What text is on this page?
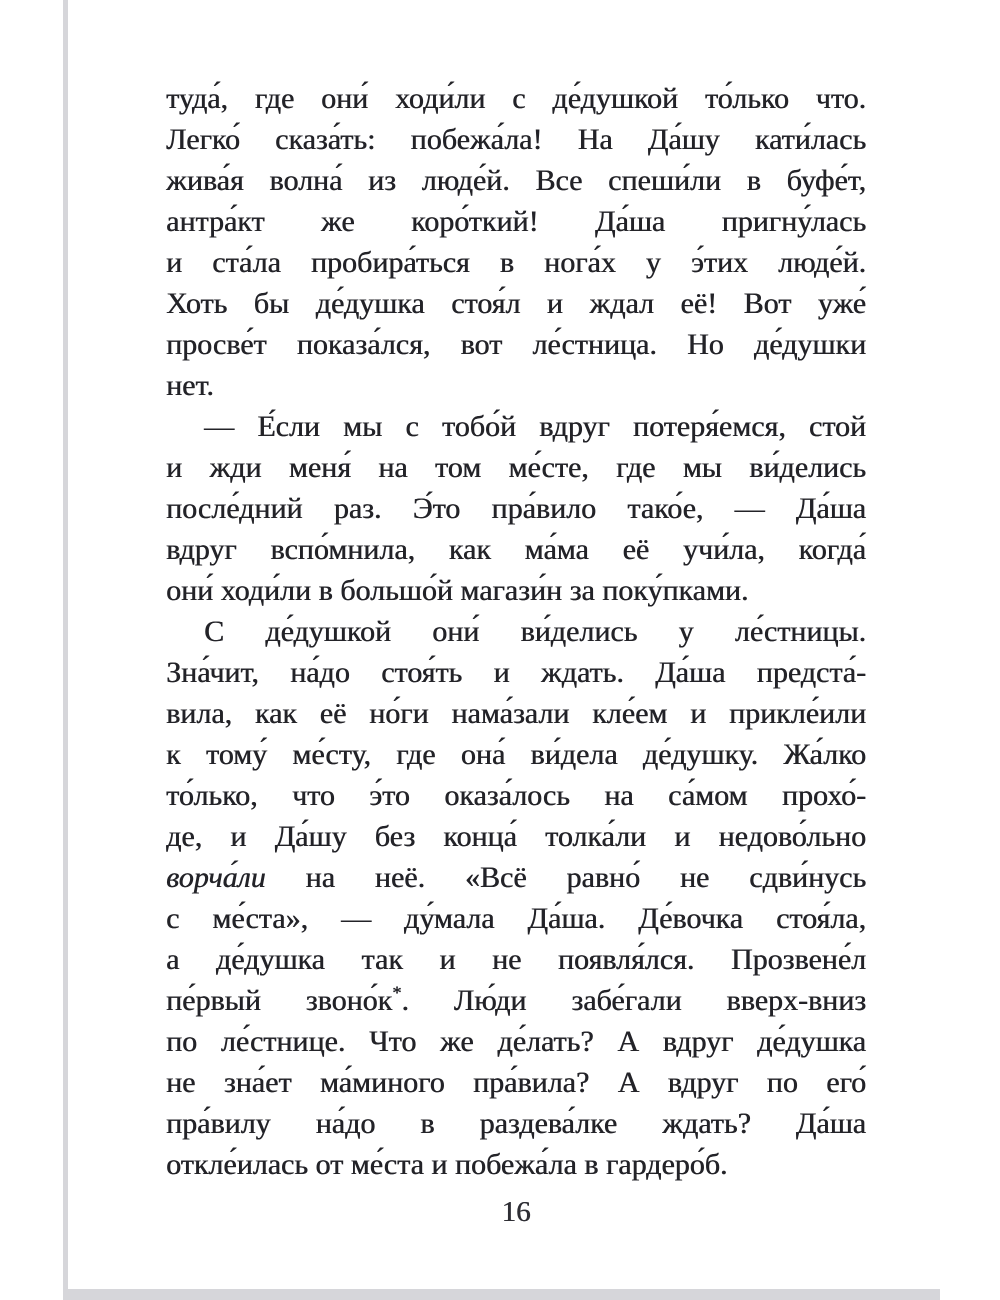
туда́, где они́ ходи́ли с де́душкой то́лько что.
Легко́ сказа́ть: побежа́ла! На Да́шу кати́лась
жива́я волна́ из люде́й. Все спеши́ли в буфе́т,
антра́кт же коро́ткий! Да́ша пригну́лась
и ста́ла пробира́ться в нога́х у э́тих люде́й.
Хоть бы де́душка стоя́л и ждал её! Вот уже́
просве́т показа́лся, вот ле́стница. Но де́душки
нет.
— Е́сли мы с тобо́й вдруг потеря́емся, стой
и жди меня́ на том ме́сте, где мы ви́делись
после́дний раз. Э́то пра́вило тако́е, — Да́ша
вдруг вспо́мнила, как ма́ма её учи́ла, когда́
они́ ходи́ли в большо́й магази́н за поку́пками.
С де́душкой они́ ви́делись у ле́стницы.
Зна́чит, на́до стоя́ть и ждать. Да́ша предста́-
вила, как её но́ги нама́зали кле́ем и прикле́или
к тому́ ме́сту, где она́ ви́дела де́душку. Жа́лко
то́лько, что э́то оказа́лось на са́мом прохо́-
де, и Да́шу без конца́ толка́ли и недово́льно
ворча́ли на неё. «Всё равно́ не сдви́нусь
с ме́ста», — ду́мала Да́ша. Де́вочка стоя́ла,
а де́душка так и не появля́лся. Прозвене́л
пе́рвый звоно́к*. Лю́ди забе́гали вверх-вниз
по ле́стнице. Что же де́лать? А вдруг де́душка
не зна́ет ма́миного пра́вила? А вдруг по его́
пра́вилу на́до в раздева́лке ждать? Да́ша
откле́илась от ме́ста и побежа́ла в гардеро́б.
16
